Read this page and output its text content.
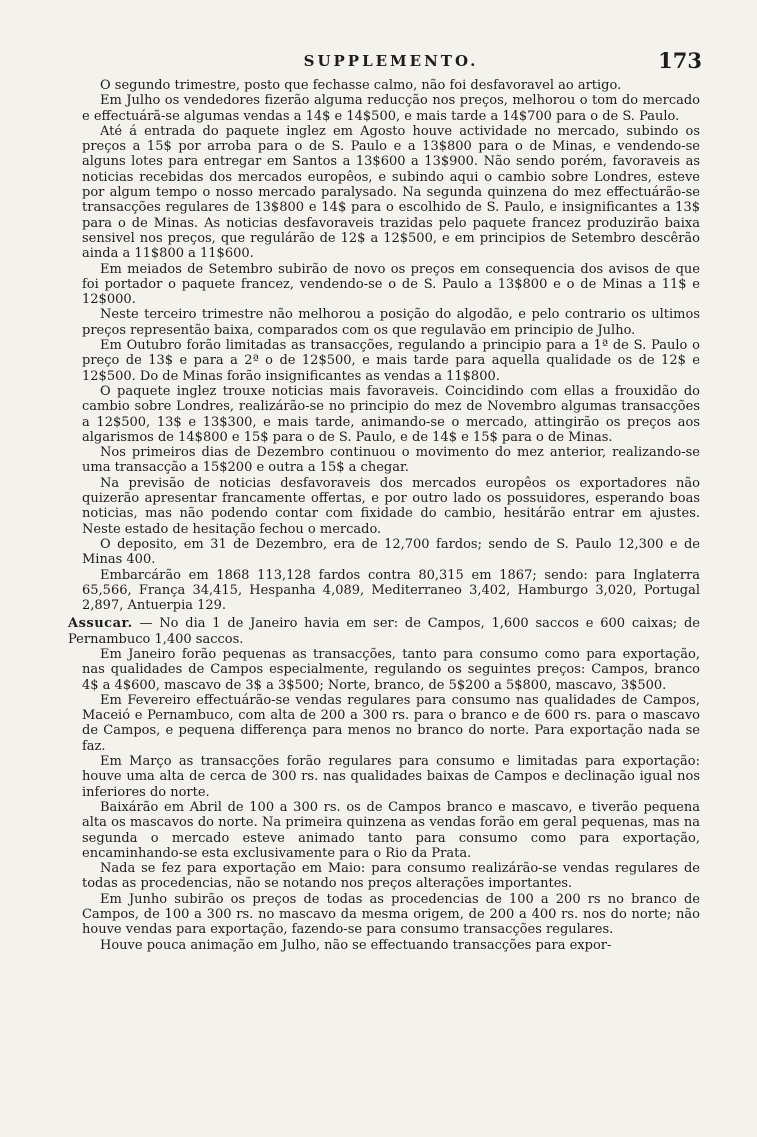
SUPPLEMENTO.	173

O segundo trimestre, posto que fechasse calmo, não foi desfavoravel ao artigo.

Em Julho os vendedores fizerão alguma reducção nos preços, melhorou o tom do mercado e effectuárã-se algumas vendas a 14$ e 14$500, e mais tarde a 14$700 para o de S. Paulo.

Até á entrada do paquete inglez em Agosto houve actividade no mercado, subindo os preços a 15$ por arroba para o de S. Paulo e a 13$800 para o de Minas, e vendendo-se alguns lotes para entregar em Santos a 13$600 a 13$900. Não sendo porém, favoraveis as noticias recebidas dos mercados europêos, e subindo aqui o cambio sobre Londres, esteve por algum tempo o nosso mercado paralysado. Na segunda quinzena do mez effectuárão-se transacções regulares de 13$800 e 14$ para o escolhido de S. Paulo, e insignificantes a 13$ para o de Minas. As noticias desfavoraveis trazidas pelo paquete francez produzirão baixa sensivel nos preços, que regulárão de 12$ a 12$500, e em principios de Setembro descêrão ainda a 11$800 a 11$600.

Em meiados de Setembro subirão de novo os preços em consequencia dos avisos de que foi portador o paquete francez, vendendo-se o de S. Paulo a 13$800 e o de Minas a 11$ e 12$000.

Neste terceiro trimestre não melhorou a posição do algodão, e pelo contrario os ultimos preços representão baixa, comparados com os que regulavão em principio de Julho.

Em Outubro forão limitadas as transacções, regulando a principio para a 1ª de S. Paulo o preço de 13$ e para a 2ª o de 12$500, e mais tarde para aquella qualidade os de 12$ e 12$500. Do de Minas forão insignificantes as vendas a 11$800.

O paquete inglez trouxe noticias mais favoraveis. Coincidindo com ellas a frouxidão do cambio sobre Londres, realizárão-se no principio do mez de Novembro algumas transacções a 12$500, 13$ e 13$300, e mais tarde, animando-se o mercado, attingirão os preços aos algarismos de 14$800 e 15$ para o de S. Paulo, e de 14$ e 15$ para o de Minas.

Nos primeiros dias de Dezembro continuou o movimento do mez anterior, realizando-se uma transacção a 15$200 e outra a 15$ a chegar.

Na previsão de noticias desfavoraveis dos mercados europêos os exportadores não quizerão apresentar francamente offertas, e por outro lado os possuidores, esperando boas noticias, mas não podendo contar com fixidade do cambio, hesitárão entrar em ajustes. Neste estado de hesitação fechou o mercado.

O deposito, em 31 de Dezembro, era de 12,700 fardos; sendo de S. Paulo 12,300 e de Minas 400.

Embarcárão em 1868 113,128 fardos contra 80,315 em 1867; sendo: para Inglaterra 65,566, França 34,415, Hespanha 4,089, Mediterraneo 3,402, Hamburgo 3,020, Portugal 2,897, Antuerpia 129.

Assucar. — No dia 1 de Janeiro havia em ser: de Campos, 1,600 saccos e 600 caixas; de Pernambuco 1,400 saccos.

Em Janeiro forão pequenas as transacções, tanto para consumo como para exportação, nas qualidades de Campos especialmente, regulando os seguintes preços: Campos, branco 4$ a 4$600, mascavo de 3$ a 3$500; Norte, branco, de 5$200 a 5$800, mascavo, 3$500.

Em Fevereiro effectuárão-se vendas regulares para consumo nas qualidades de Campos, Maceió e Pernambuco, com alta de 200 a 300 rs. para o branco e de 600 rs. para o mascavo de Campos, e pequena differença para menos no branco do norte. Para exportação nada se faz.

Em Março as transacções forão regulares para consumo e limitadas para exportação: houve uma alta de cerca de 300 rs. nas qualidades baixas de Campos e declinação igual nos inferiores do norte.

Baixárão em Abril de 100 a 300 rs. os de Campos branco e mascavo, e tiverão pequena alta os mascavos do norte. Na primeira quinzena as vendas forão em geral pequenas, mas na segunda o mercado esteve animado tanto para consumo como para exportação, encaminhando-se esta exclusivamente para o Rio da Prata.

Nada se fez para exportação em Maio: para consumo realizárão-se vendas regulares de todas as procedencias, não se notando nos preços alterações importantes.

Em Junho subirão os preços de todas as procedencias de 100 a 200 rs no branco de Campos, de 100 a 300 rs. no mascavo da mesma origem, de 200 a 400 rs. nos do norte; não houve vendas para exportação, fazendo-se para consumo transacções regulares.

Houve pouca animação em Julho, não se effectuando transacções para expor-
